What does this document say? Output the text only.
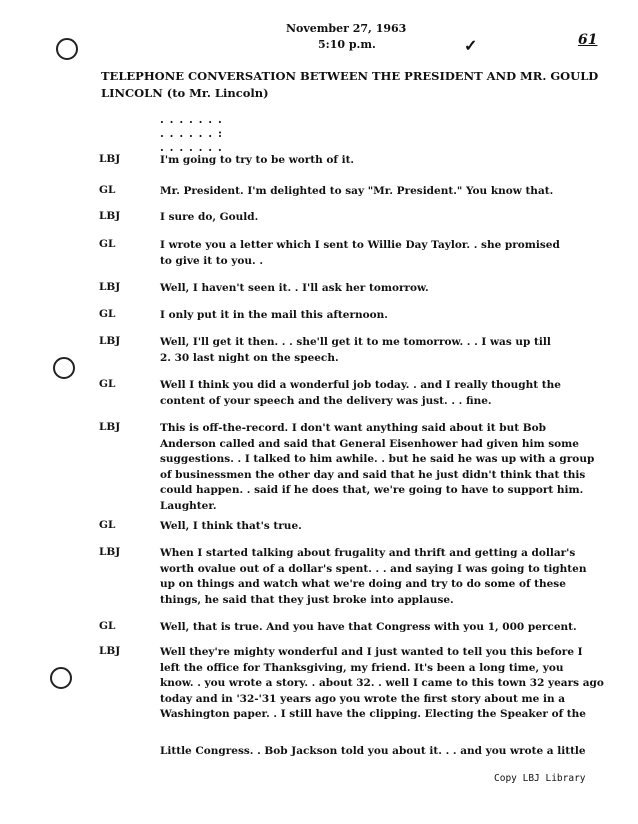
November 27, 1963
5:10 p.m.	✓	61
TELEPHONE CONVERSATION BETWEEN THE PRESIDENT AND MR. GOULD LINCOLN (to Mr. Lincoln)
. . . . . . .
. . . . . . :
. . . . . . .
LBJ	I'm going to try to be worth of it.
GL	Mr. President. I'm delighted to say "Mr. President." You know that.
LBJ	I sure do, Gould.
GL	I wrote you a letter which I sent to Willie Day Taylor. . she promised
to give it to you. .
LBJ	Well, I haven't seen it. . I'll ask her tomorrow.
GL	I only put it in the mail this afternoon.
LBJ	Well, I'll get it then. . . she'll get it to me tomorrow. . . I was up till
2. 30 last night on the speech.
GL	Well I think you did a wonderful job today. . and I really thought the
content of your speech and the delivery was just. . . fine.
LBJ	This is off-the-record. I don't want anything said about it but Bob
Anderson called and said that General Eisenhower had given him some
suggestions. . I talked to him awhile. . but he said he was up with a group
of businessmen the other day and said that he just didn't think that this
could happen. . said if he does that, we're going to have to support him.
Laughter.
GL	Well, I think that's true.
LBJ	When I started talking about frugality and thrift and getting a dollar's
worth ovalue out of a dollar's spent. . . and saying I was going to tighten
up on things and watch what we're doing and try to do some of these
things, he said that they just broke into applause.
GL	Well, that is true. And you have that Congress with you 1, 000 percent.
LBJ	Well they're mighty wonderful and I just wanted to tell you this before I
left the office for Thanksgiving, my friend. It's been a long time, you
know. . you wrote a story. . about 32. . well I came to this town 32 years ago
today and in '32-'31 years ago you wrote the first story about me in a
Washington paper. . I still have the clipping. Electing the Speaker of the
Little Congress. . Bob Jackson told you about it. . . and you wrote a little
Copy LBJ Library
